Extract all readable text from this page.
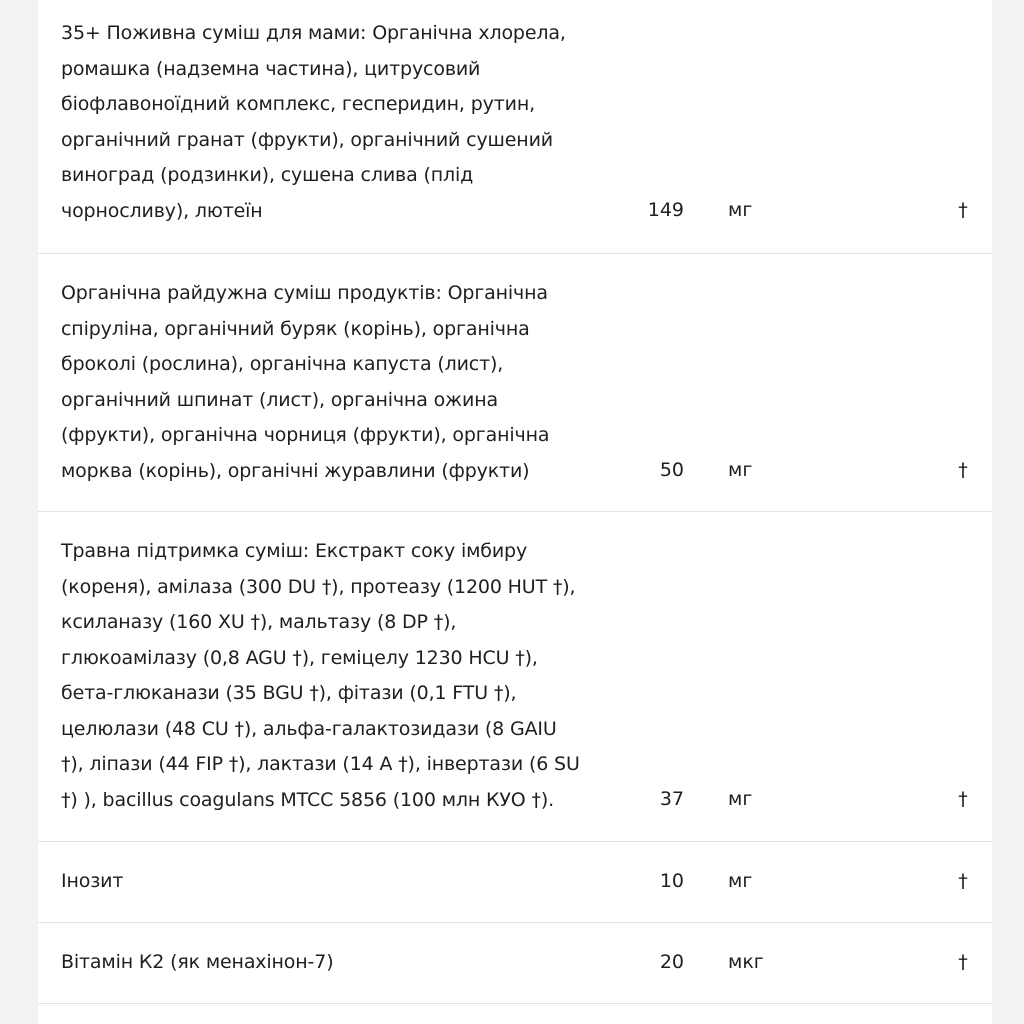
35+ Поживна суміш для мами: Органічна хлорела,
ромашка (надземна частина), цитрусовий
біофлавоноїдний комплекс, гесперидин, рутин,
органічний гранат (фрукти), органічний сушений
виноград (родзинки), сушена слива (плід
чорносливу), лютеїн	149 мг	†
Органічна райдужна суміш продуктів: Органічна
спіруліна, органічний буряк (корінь), органічна
броколі (рослина), органічна капуста (лист),
органічний шпинат (лист), органічна ожина
(фрукти), органічна чорниця (фрукти), органічна
морква (корінь), органічні журавлини (фрукти)	50 мг	†
Травна підтримка суміш: Екстракт соку імбиру
(кореня), амілаза (300 DU †), протеазу (1200 HUT †),
ксиланазу (160 XU †), мальтазу (8 DP †),
глюкоамілазу (0,8 AGU †), геміцелу 1230 HCU †),
бета-глюканази (35 BGU †), фітази (0,1 FTU †),
целюлази (48 CU †), альфа-галактозидази (8 GAIU
†), ліпази (44 FIP †), лактази (14 A †), інвертази (6 SU
†) ), bacillus coagulans MTCC 5856 (100 млн КУО †).	37 мг	†
Інозит	10 мг	†
Вітамін К2 (як менахінон-7)	20 мкг	†
